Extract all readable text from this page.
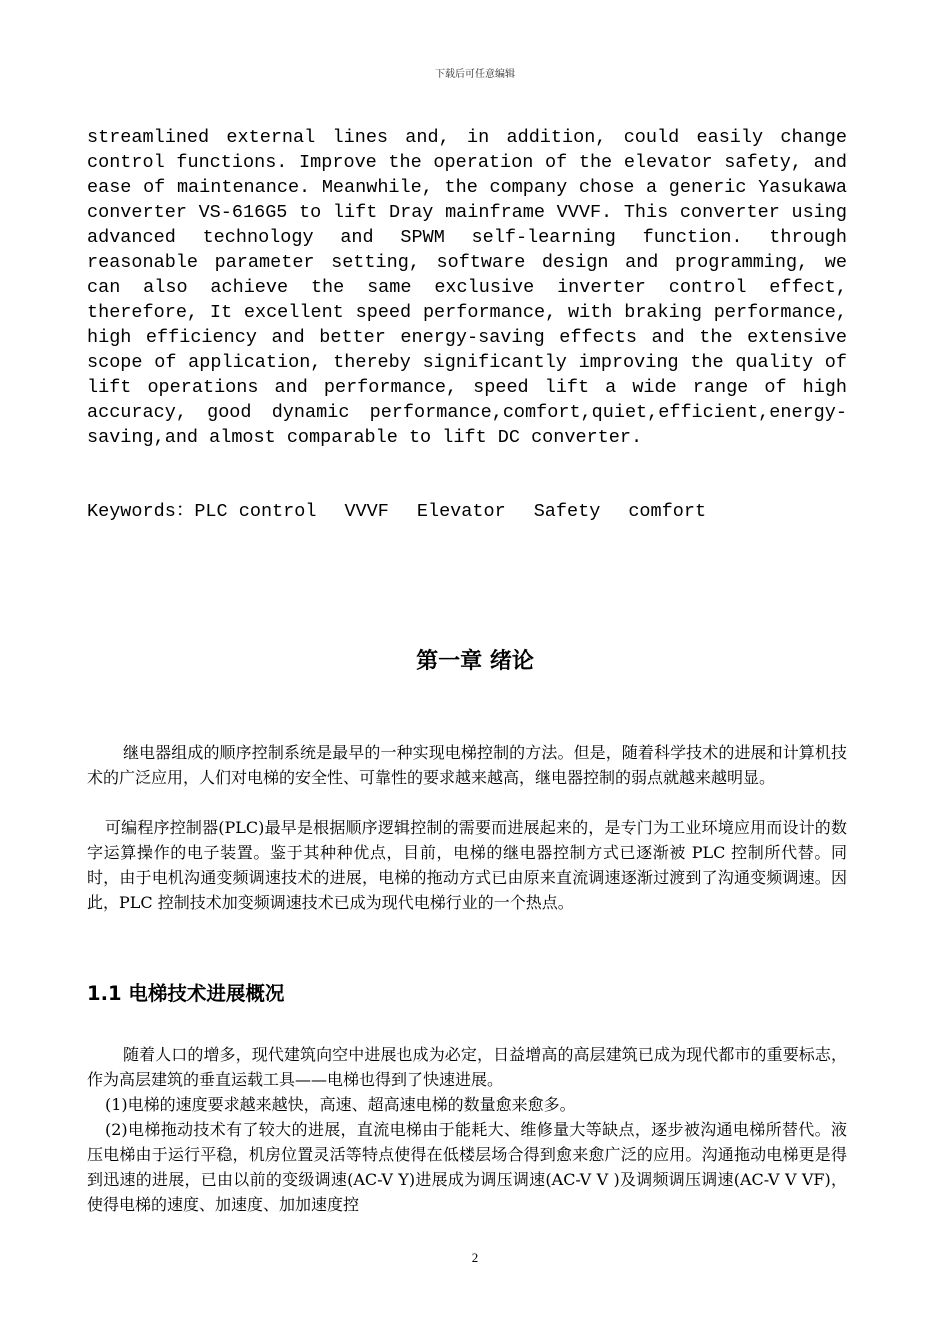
下载后可任意编辑

streamlined external lines and, in addition, could easily change control functions. Improve the operation of the elevator safety, and ease of maintenance. Meanwhile, the company chose a generic Yasukawa converter VS-616G5 to lift Dray mainframe VVVF. This converter using advanced technology and SPWM self-learning function. through reasonable parameter setting, software design and programming, we can also achieve the same exclusive inverter control effect, therefore, It excellent speed performance, with braking performance, high efficiency and better energy-saving effects and the extensive scope of application, thereby significantly improving the quality of lift operations and performance, speed lift a wide range of high accuracy, good dynamic performance,comfort,quiet,efficient,energy-saving,and almost comparable to lift DC converter.

Keywords：PLC control VVVF Elevator Safety comfort
第一章 绪论

继电器组成的顺序控制系统是最早的一种实现电梯控制的方法。但是，随着科学技术的进展和计算机技术的广泛应用，人们对电梯的安全性、可靠性的要求越来越高，继电器控制的弱点就越来越明显。

可编程序控制器(PLC)最早是根据顺序逻辑控制的需要而进展起来的，是专门为工业环境应用而设计的数字运算操作的电子装置。鉴于其种种优点，目前，电梯的继电器控制方式已逐渐被 PLC 控制所代替。同时，由于电机沟通变频调速技术的进展，电梯的拖动方式已由原来直流调速逐渐过渡到了沟通变频调速。因此，PLC 控制技术加变频调速技术已成为现代电梯行业的一个热点。

1.1 电梯技术进展概况

随着人口的增多，现代建筑向空中进展也成为必定，日益增高的高层建筑已成为现代都市的重要标志，作为高层建筑的垂直运载工具——电梯也得到了快速进展。

(1)电梯的速度要求越来越快，高速、超高速电梯的数量愈来愈多。

(2)电梯拖动技术有了较大的进展，直流电梯由于能耗大、维修量大等缺点，逐步被沟通电梯所替代。液压电梯由于运行平稳，机房位置灵活等特点使得在低楼层场合得到愈来愈广泛的应用。沟通拖动电梯更是得到迅速的进展，已由以前的变级调速(AC-V Y)进展成为调压调速(AC-V V )及调频调压调速(AC-V V VF)，使得电梯的速度、加速度、加加速度控

2
